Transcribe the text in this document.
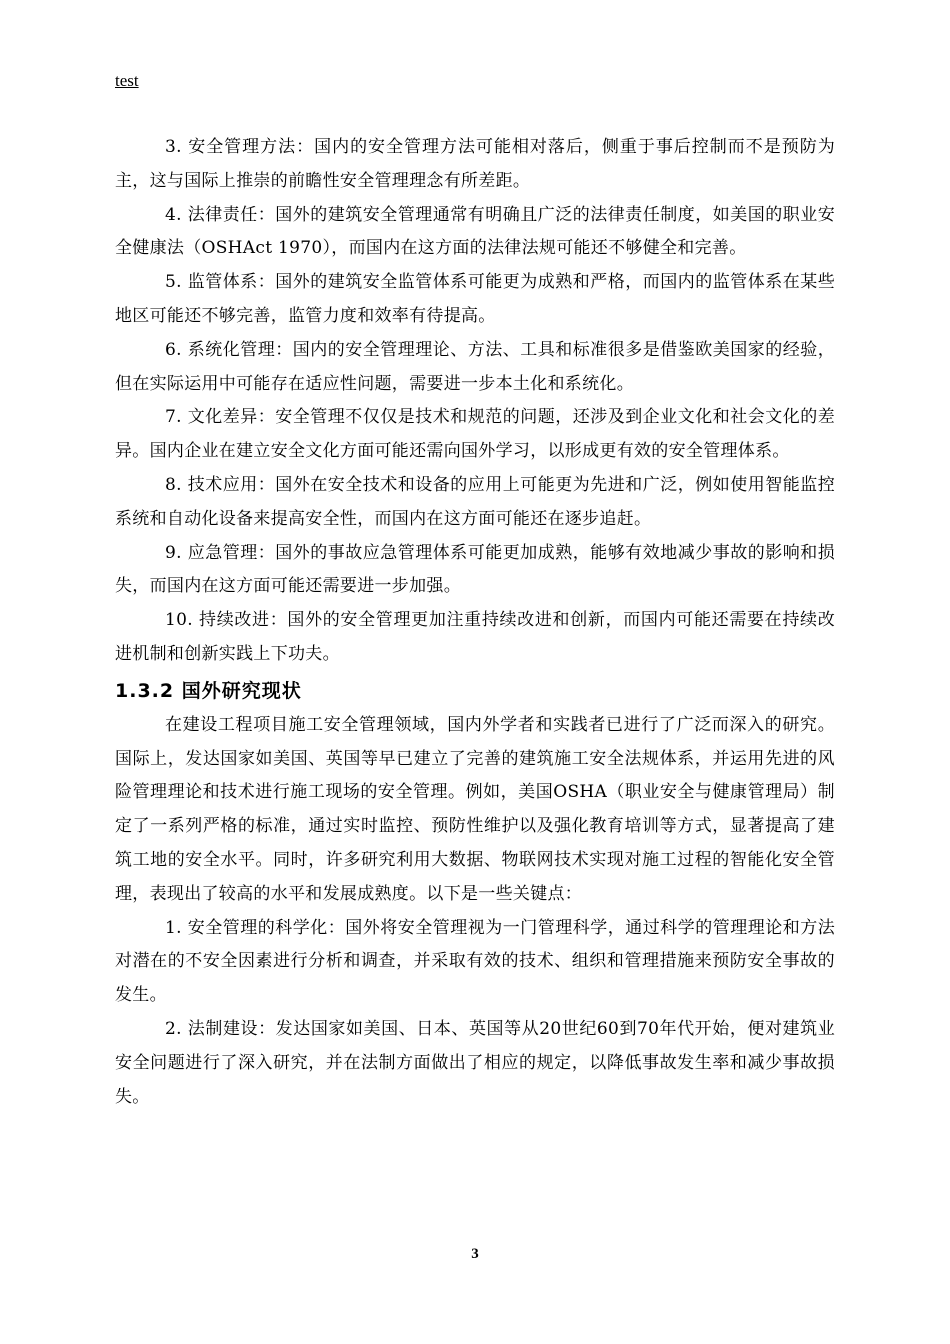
test

3. 安全管理方法：国内的安全管理方法可能相对落后，侧重于事后控制而不是预防为主，这与国际上推崇的前瞻性安全管理理念有所差距。

4. 法律责任：国外的建筑安全管理通常有明确且广泛的法律责任制度，如美国的职业安全健康法（OSHAct 1970），而国内在这方面的法律法规可能还不够健全和完善。

5. 监管体系：国外的建筑安全监管体系可能更为成熟和严格，而国内的监管体系在某些地区可能还不够完善，监管力度和效率有待提高。

6. 系统化管理：国内的安全管理理论、方法、工具和标准很多是借鉴欧美国家的经验，但在实际运用中可能存在适应性问题，需要进一步本土化和系统化。

7. 文化差异：安全管理不仅仅是技术和规范的问题，还涉及到企业文化和社会文化的差异。国内企业在建立安全文化方面可能还需向国外学习，以形成更有效的安全管理体系。

8. 技术应用：国外在安全技术和设备的应用上可能更为先进和广泛，例如使用智能监控系统和自动化设备来提高安全性，而国内在这方面可能还在逐步追赶。

9. 应急管理：国外的事故应急管理体系可能更加成熟，能够有效地减少事故的影响和损失，而国内在这方面可能还需要进一步加强。

10. 持续改进：国外的安全管理更加注重持续改进和创新，而国内可能还需要在持续改进机制和创新实践上下功夫。

1.3.2 国外研究现状

在建设工程项目施工安全管理领域，国内外学者和实践者已进行了广泛而深入的研究。国际上，发达国家如美国、英国等早已建立了完善的建筑施工安全法规体系，并运用先进的风险管理理论和技术进行施工现场的安全管理。例如，美国OSHA（职业安全与健康管理局）制定了一系列严格的标准，通过实时监控、预防性维护以及强化教育培训等方式，显著提高了建筑工地的安全水平。同时，许多研究利用大数据、物联网技术实现对施工过程的智能化安全管理，表现出了较高的水平和发展成熟度。以下是一些关键点：

1. 安全管理的科学化：国外将安全管理视为一门管理科学，通过科学的管理理论和方法对潜在的不安全因素进行分析和调查，并采取有效的技术、组织和管理措施来预防安全事故的发生。

2. 法制建设：发达国家如美国、日本、英国等从20世纪60到70年代开始，便对建筑业安全问题进行了深入研究，并在法制方面做出了相应的规定，以降低事故发生率和减少事故损失。

3
